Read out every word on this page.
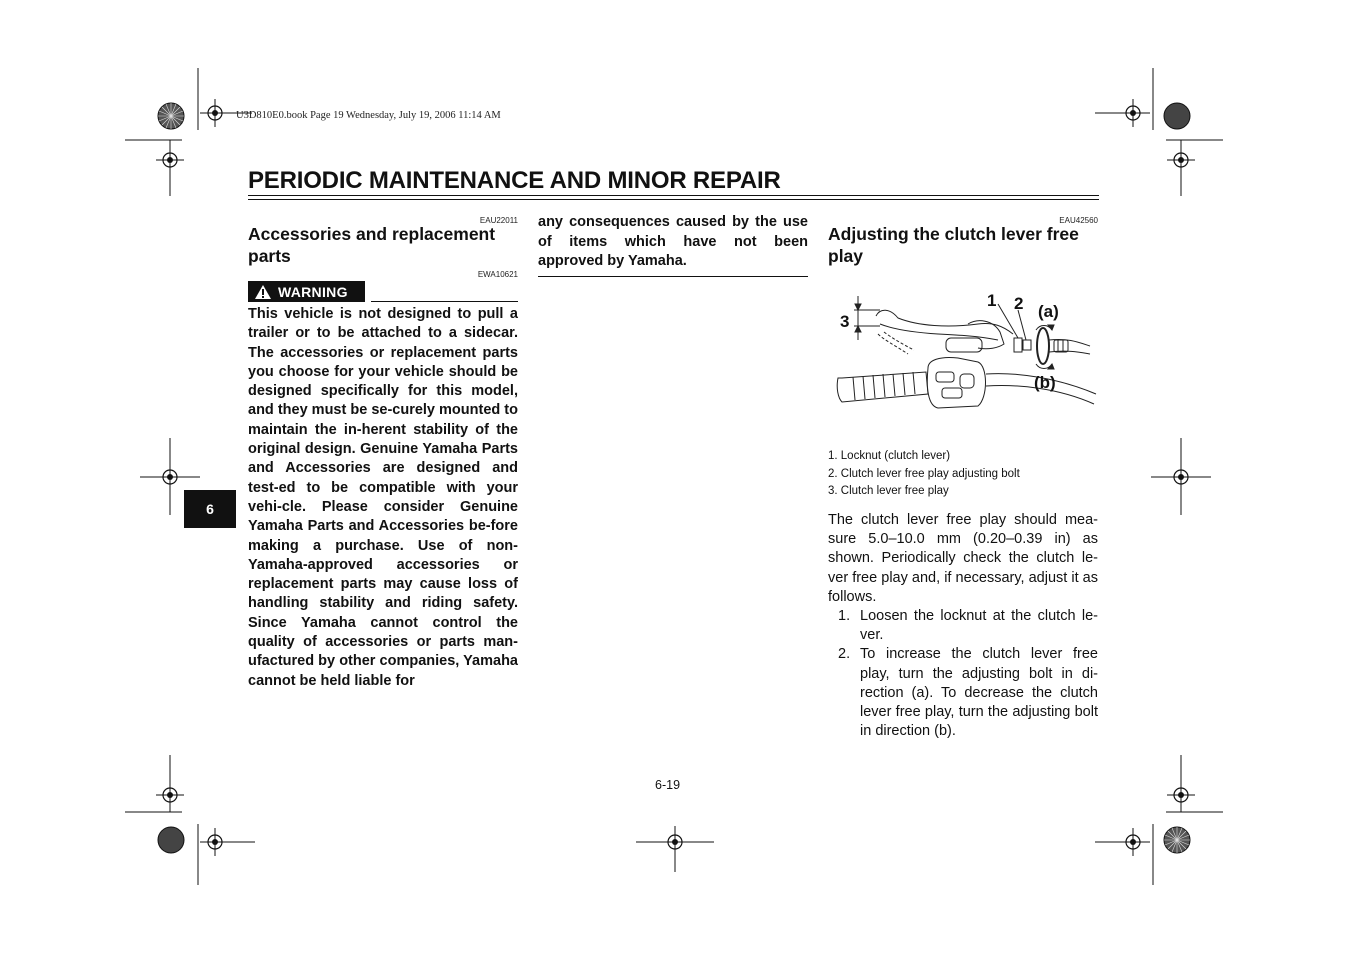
U3D810E0.book Page 19 Wednesday, July 19, 2006 11:14 AM
PERIODIC MAINTENANCE AND MINOR REPAIR
EAU22011
Accessories and replacement parts
EWA10621
WARNING
This vehicle is not designed to pull a trailer or to be attached to a sidecar. The accessories or replacement parts you choose for your vehicle should be designed specifically for this model, and they must be se-curely mounted to maintain the in-herent stability of the original design. Genuine Yamaha Parts and Accessories are designed and test-ed to be compatible with your vehi-cle. Please consider Genuine Yamaha Parts and Accessories be-fore making a purchase. Use of non-Yamaha-approved accessories or replacement parts may cause loss of handling stability and riding safety. Since Yamaha cannot control the quality of accessories or parts man-ufactured by other companies, Yamaha cannot be held liable for
any consequences caused by the use of items which have not been approved by Yamaha.
EAU42560
Adjusting the clutch lever free play
1 2
3
(a)
(b)
1. Locknut (clutch lever)
2. Clutch lever free play adjusting bolt
3. Clutch lever free play
The clutch lever free play should mea-sure 5.0–10.0 mm (0.20–0.39 in) as shown. Periodically check the clutch le-ver free play and, if necessary, adjust it as follows.
1. Loosen the locknut at the clutch le-ver.
2. To increase the clutch lever free play, turn the adjusting bolt in di-rection (a). To decrease the clutch lever free play, turn the adjusting bolt in direction (b).
6
6-19
